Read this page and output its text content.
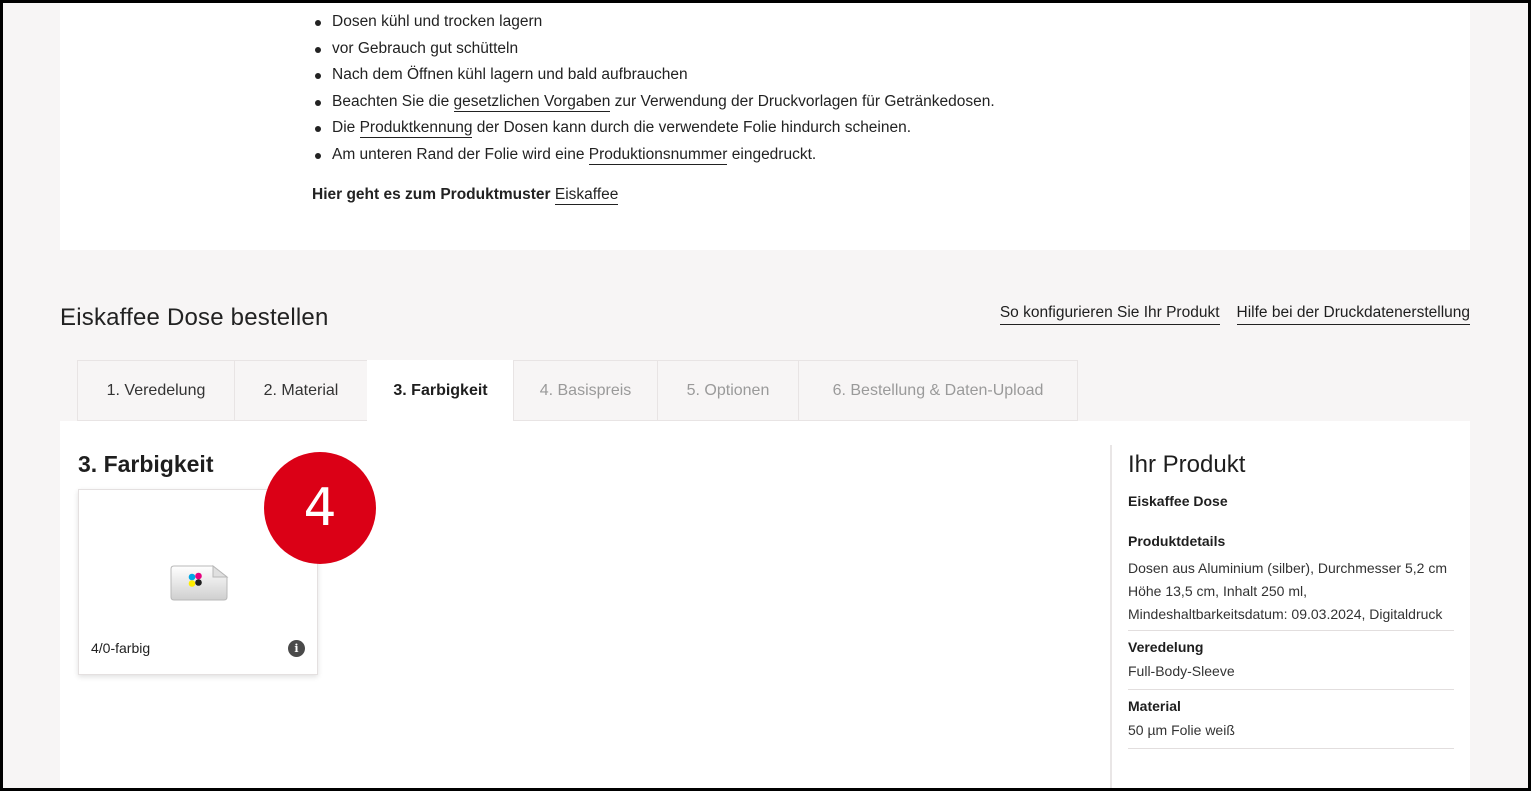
Dosen kühl und trocken lagern
vor Gebrauch gut schütteln
Nach dem Öffnen kühl lagern und bald aufbrauchen
Beachten Sie die gesetzlichen Vorgaben zur Verwendung der Druckvorlagen für Getränkedosen.
Die Produktkennung der Dosen kann durch die verwendete Folie hindurch scheinen.
Am unteren Rand der Folie wird eine Produktionsnummer eingedruckt.
Hier geht es zum Produktmuster Eiskaffee
Eiskaffee Dose bestellen	So konfigurieren Sie Ihr Produkt Hilfe bei der Druckdatenerstellung
1. Veredelung	2. Material	3. Farbigkeit	4. Basispreis	5. Optionen	6. Bestellung & Daten-Upload
3. Farbigkeit
4/0-farbig	i
4
Ihr Produkt
Eiskaffee Dose
Produktdetails
Dosen aus Aluminium (silber), Durchmesser 5,2 cm Höhe 13,5 cm, Inhalt 250 ml, Mindeshaltbarkeitsdatum: 09.03.2024, Digitaldruck
Veredelung
Full-Body-Sleeve
Material
50 µm Folie weiß
